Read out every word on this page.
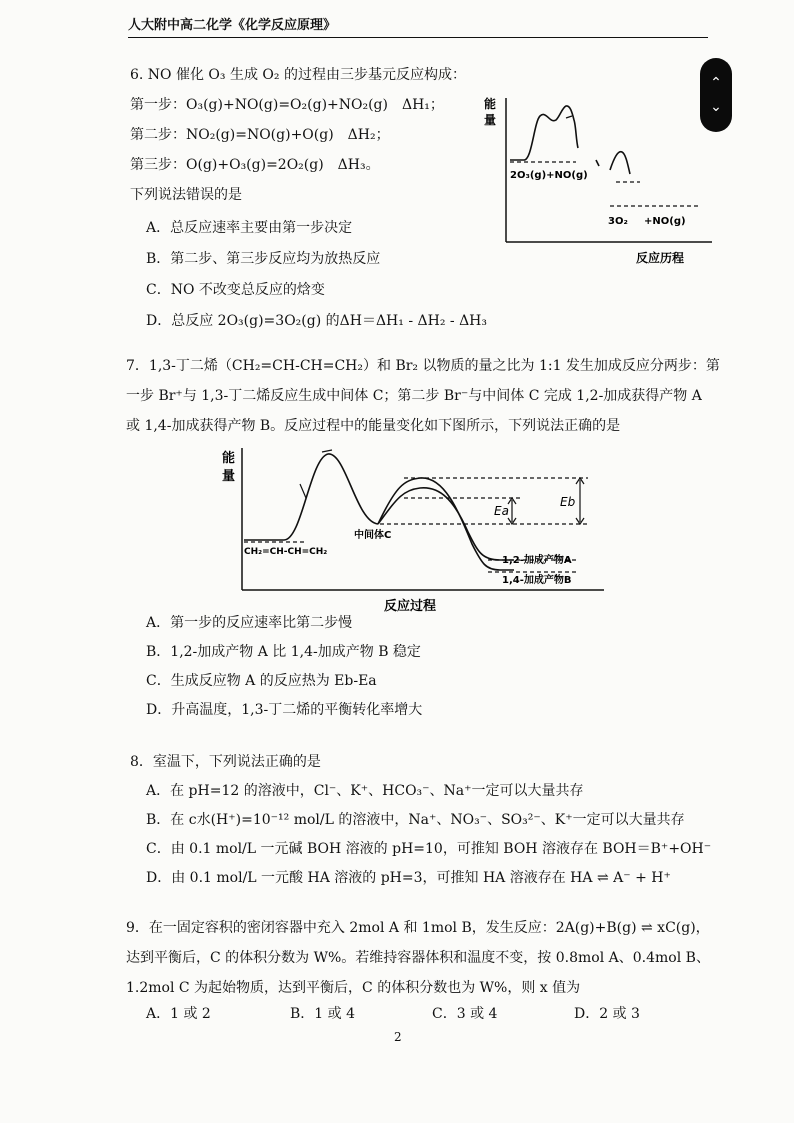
人大附中高二化学《化学反应原理》
⌃
⌄
6. NO 催化 O₃ 生成 O₂ 的过程由三步基元反应构成：
第一步：O₃(g)+NO(g)=O₂(g)+NO₂(g)　ΔH₁；
第二步：NO₂(g)=NO(g)+O(g)　ΔH₂；
第三步：O(g)+O₃(g)=2O₂(g)　ΔH₃。
下列说法错误的是
A．总反应速率主要由第一步决定
B．第二步、第三步反应均为放热反应
C．NO 不改变总反应的焓变
D．总反应 2O₃(g)=3O₂(g) 的ΔH＝ΔH₁ - ΔH₂ - ΔH₃
能
量
2O₃(g)+NO(g)
3O₂ +NO(g)
反应历程
7．1,3-丁二烯（CH₂=CH-CH=CH₂）和 Br₂ 以物质的量之比为 1:1 发生加成反应分两步：第
一步 Br⁺与 1,3-丁二烯反应生成中间体 C；第二步 Br⁻与中间体 C 完成 1,2-加成获得产物 A
或 1,4-加成获得产物 B。反应过程中的能量变化如下图所示，下列说法正确的是
能
量
Ea
Eb
CH₂=CH-CH=CH₂
中间体C
1,2-加成产物A
1,4-加成产物B
反应过程
A．第一步的反应速率比第二步慢
B．1,2-加成产物 A 比 1,4-加成产物 B 稳定
C．生成反应物 A 的反应热为 Eb-Ea
D．升高温度，1,3-丁二烯的平衡转化率增大
8．室温下，下列说法正确的是
A．在 pH=12 的溶液中，Cl⁻、K⁺、HCO₃⁻、Na⁺一定可以大量共存
B．在 c水(H⁺)=10⁻¹² mol/L 的溶液中，Na⁺、NO₃⁻、SO₃²⁻、K⁺一定可以大量共存
C．由 0.1 mol/L 一元碱 BOH 溶液的 pH=10，可推知 BOH 溶液存在 BOH＝B⁺+OH⁻
D．由 0.1 mol/L 一元酸 HA 溶液的 pH=3，可推知 HA 溶液存在 HA ⇌ A⁻ + H⁺
9．在一固定容积的密闭容器中充入 2mol A 和 1mol B，发生反应：2A(g)+B(g) ⇌ xC(g)，
达到平衡后，C 的体积分数为 W%。若维持容器体积和温度不变，按 0.8mol A、0.4mol B、
1.2mol C 为起始物质，达到平衡后，C 的体积分数也为 W%，则 x 值为
A．1 或 2	B．1 或 4	C．3 或 4	D．2 或 3
2
